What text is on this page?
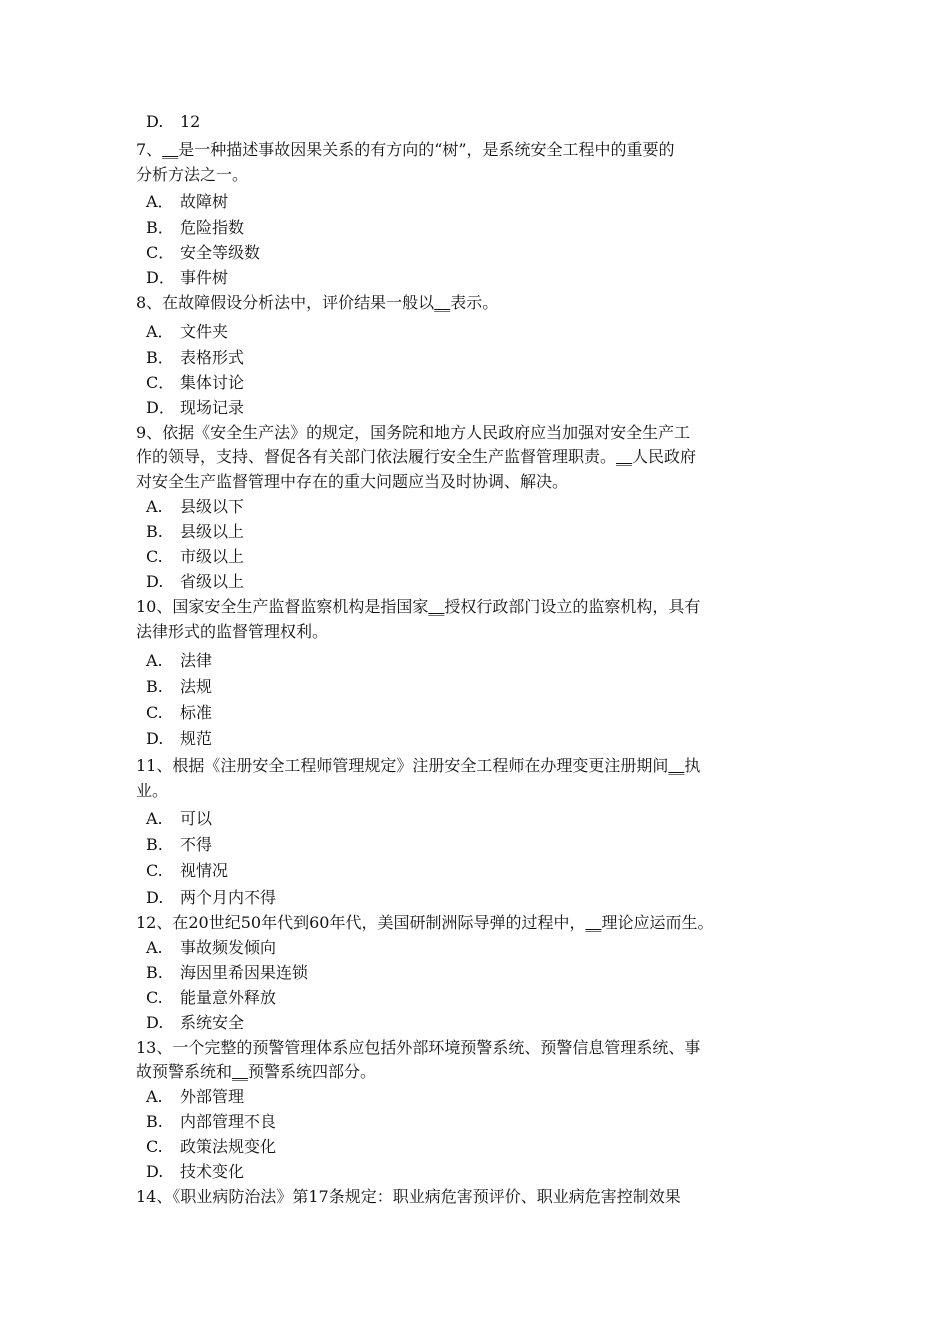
D. 12
7、__是一种描述事故因果关系的有方向的“树”，是系统安全工程中的重要的
分析方法之一。
A． 故障树
B． 危险指数
C． 安全等级数
D． 事件树
8、在故障假设分析法中，评价结果一般以__表示。
A． 文件夹
B． 表格形式
C． 集体讨论
D． 现场记录
9、依据《安全生产法》的规定，国务院和地方人民政府应当加强对安全生产工
作的领导，支持、督促各有关部门依法履行安全生产监督管理职责。__人民政府
对安全生产监督管理中存在的重大问题应当及时协调、解决。
A. 县级以下
B. 县级以上
C. 市级以上
D. 省级以上
10、国家安全生产监督监察机构是指国家__授权行政部门设立的监察机构，具有
法律形式的监督管理权利。
A. 法律
B. 法规
C. 标准
D. 规范
11、根据《注册安全工程师管理规定》注册安全工程师在办理变更注册期间__执
业。
A. 可以
B. 不得
C. 视情况
D. 两个月内不得
12、在20世纪50年代到60年代，美国研制洲际导弹的过程中，__理论应运而生。
A. 事故频发倾向
B. 海因里希因果连锁
C. 能量意外释放
D. 系统安全
13、一个完整的预警管理体系应包括外部环境预警系统、预警信息管理系统、事
故预警系统和__预警系统四部分。
A. 外部管理
B. 内部管理不良
C. 政策法规变化
D. 技术变化
14、《职业病防治法》第17条规定：职业病危害预评价、职业病危害控制效果
